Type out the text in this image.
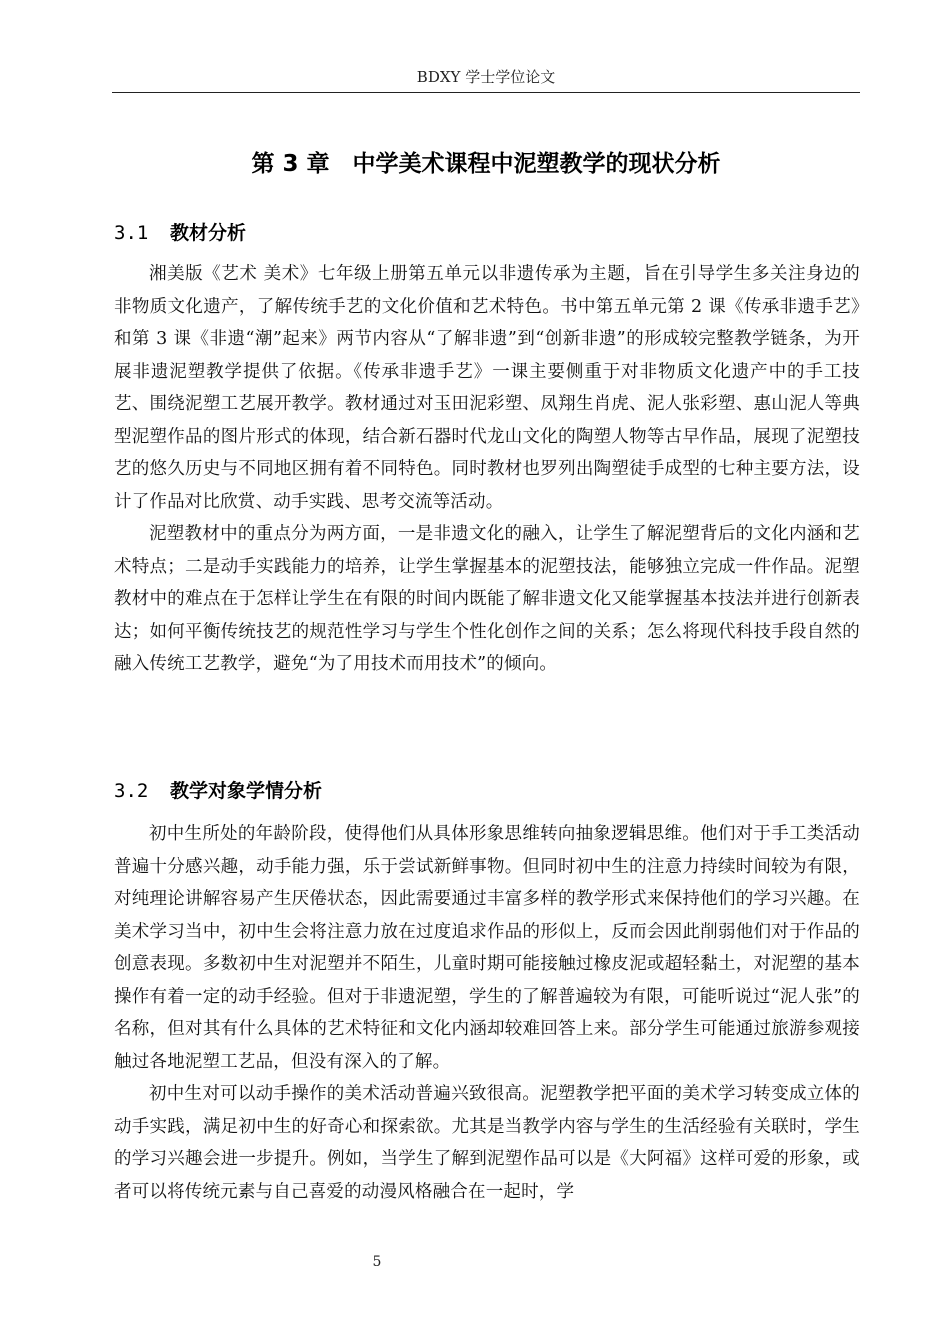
BDXY 学士学位论文
第 3 章　中学美术课程中泥塑教学的现状分析
3.1 教材分析

湘美版《艺术 美术》七年级上册第五单元以非遗传承为主题，旨在引导学生多关注身边的非物质文化遗产，了解传统手艺的文化价值和艺术特色。书中第五单元第 2 课《传承非遗手艺》和第 3 课《非遗“潮”起来》两节内容从“了解非遗”到“创新非遗”的形成较完整教学链条，为开展非遗泥塑教学提供了依据。《传承非遗手艺》一课主要侧重于对非物质文化遗产中的手工技艺、围绕泥塑工艺展开教学。教材通过对玉田泥彩塑、凤翔生肖虎、泥人张彩塑、惠山泥人等典型泥塑作品的图片形式的体现，结合新石器时代龙山文化的陶塑人物等古早作品，展现了泥塑技艺的悠久历史与不同地区拥有着不同特色。同时教材也罗列出陶塑徒手成型的七种主要方法，设计了作品对比欣赏、动手实践、思考交流等活动。

泥塑教材中的重点分为两方面，一是非遗文化的融入，让学生了解泥塑背后的文化内涵和艺术特点；二是动手实践能力的培养，让学生掌握基本的泥塑技法，能够独立完成一件作品。泥塑教材中的难点在于怎样让学生在有限的时间内既能了解非遗文化又能掌握基本技法并进行创新表达；如何平衡传统技艺的规范性学习与学生个性化创作之间的关系；怎么将现代科技手段自然的融入传统工艺教学，避免“为了用技术而用技术”的倾向。

3.2 教学对象学情分析

初中生所处的年龄阶段，使得他们从具体形象思维转向抽象逻辑思维。他们对于手工类活动普遍十分感兴趣，动手能力强，乐于尝试新鲜事物。但同时初中生的注意力持续时间较为有限，对纯理论讲解容易产生厌倦状态，因此需要通过丰富多样的教学形式来保持他们的学习兴趣。在美术学习当中，初中生会将注意力放在过度追求作品的形似上，反而会因此削弱他们对于作品的创意表现。多数初中生对泥塑并不陌生，儿童时期可能接触过橡皮泥或超轻黏土，对泥塑的基本操作有着一定的动手经验。但对于非遗泥塑，学生的了解普遍较为有限，可能听说过“泥人张”的名称，但对其有什么具体的艺术特征和文化内涵却较难回答上来。部分学生可能通过旅游参观接触过各地泥塑工艺品，但没有深入的了解。

初中生对可以动手操作的美术活动普遍兴致很高。泥塑教学把平面的美术学习转变成立体的动手实践，满足初中生的好奇心和探索欲。尤其是当教学内容与学生的生活经验有关联时，学生的学习兴趣会进一步提升。例如，当学生了解到泥塑作品可以是《大阿福》这样可爱的形象，或者可以将传统元素与自己喜爱的动漫风格融合在一起时，学

5
